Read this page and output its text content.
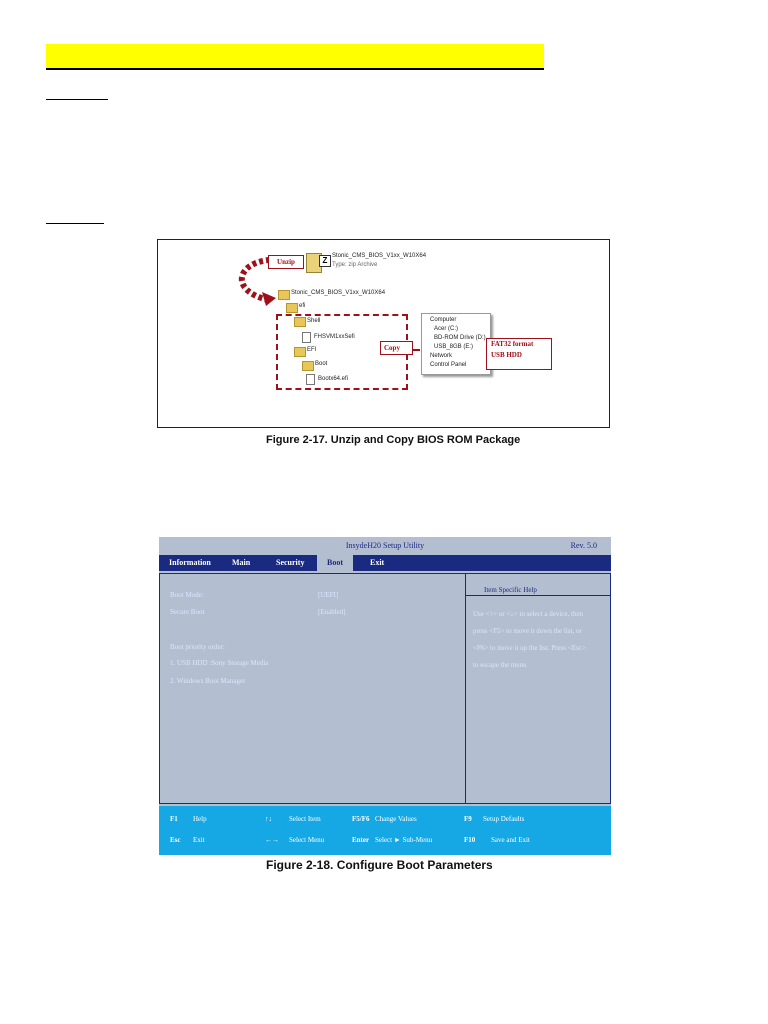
Unzip	Z Stonic_CMS_BIOS_V1xx_W10X64
Type: zip Archive
Stonic_CMS_BIOS_V1xx_W10X64
efi
Shell
FHSVM1xxSefi
EFI
Boot
Bootx64.efi
Copy
Computer
Acer (C:)
BD-ROM Drive (D:)
USB_8GB (E:)
Network
Control Panel
FAT32 format
USB HDD
Figure 2-17. Unzip and Copy BIOS ROM Package
InsydeH20 Setup Utility	Rev. 5.0
Information	Main	Security	Boot	Exit
Boot Mode:	[UEFI]
Secure Boot	[Enabled]
Boot priority order:
1. USB HDD :Sony Storage Media
2. Windows Boot Manager
Item Specific Help
Use <↑> or <↓> to select a device, then
press <F5> to move it down the list, or
<F6> to move it up the list. Press <Esc>
to escape the menu
F1 Help	↑↓ Select Item	F5/F6 Change Values	F9 Setup Defaults
Esc Exit	←→ Select Menu	Enter Select ► Sub-Menu	F10 Save and Exit
Figure 2-18. Configure Boot Parameters
